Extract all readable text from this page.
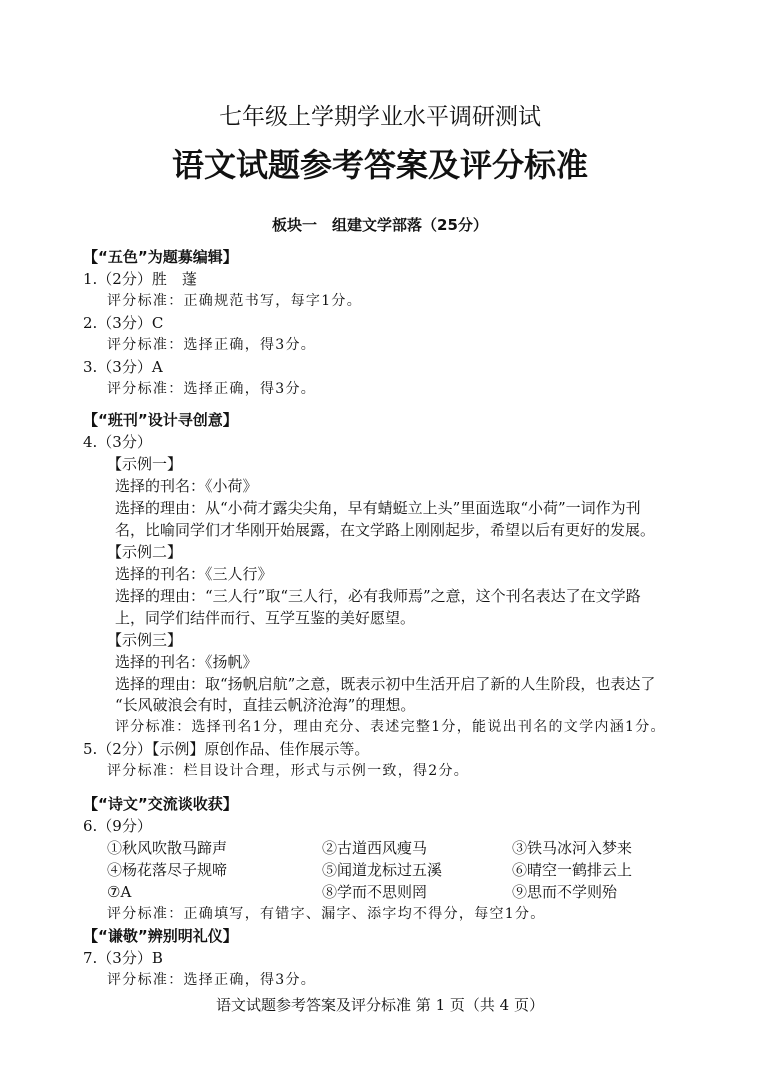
七年级上学期学业水平调研测试
语文试题参考答案及评分标准
板块一　组建文学部落（25分）
【“五色”为题募编辑】
1.（2分）胜　蓬
评分标准：正确规范书写，每字1分。
2.（3分）C
评分标准：选择正确，得3分。
3.（3分）A
评分标准：选择正确，得3分。
【“班刊”设计寻创意】
4.（3分）
【示例一】
选择的刊名：《小荷》
选择的理由：从“小荷才露尖尖角，早有蜻蜓立上头”里面选取“小荷”一词作为刊
名，比喻同学们才华刚开始展露，在文学路上刚刚起步，希望以后有更好的发展。
【示例二】
选择的刊名：《三人行》
选择的理由：“三人行”取“三人行，必有我师焉”之意，这个刊名表达了在文学路
上，同学们结伴而行、互学互鉴的美好愿望。
【示例三】
选择的刊名：《扬帆》
选择的理由：取“扬帆启航”之意，既表示初中生活开启了新的人生阶段，也表达了
“长风破浪会有时，直挂云帆济沧海”的理想。
评分标准：选择刊名1分，理由充分、表述完整1分，能说出刊名的文学内涵1分。
5.（2分）【示例】原创作品、佳作展示等。
评分标准：栏目设计合理，形式与示例一致，得2分。
【“诗文”交流谈收获】
6.（9分）
①秋风吹散马蹄声	②古道西风瘦马	③铁马冰河入梦来
④杨花落尽子规啼	⑤闻道龙标过五溪	⑥晴空一鹤排云上
⑦A	⑧学而不思则罔	⑨思而不学则殆
评分标准：正确填写，有错字、漏字、添字均不得分，每空1分。
【“谦敬”辨别明礼仪】
7.（3分）B
评分标准：选择正确，得3分。
语文试题参考答案及评分标准 第 1 页（共 4 页）
